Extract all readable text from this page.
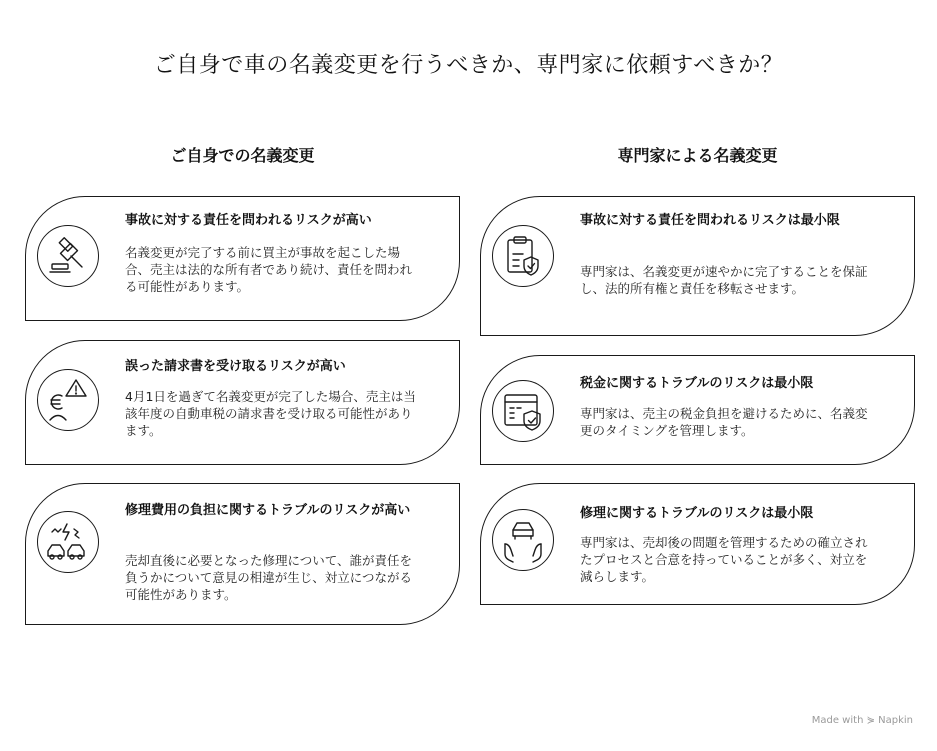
ご自身で車の名義変更を行うべきか、専門家に依頼すべきか？
ご自身での名義変更	専門家による名義変更
事故に対する責任を問われるリスクが高い
名義変更が完了する前に買主が事故を起こした場合、売主は法的な所有者であり続け、責任を問われる可能性があります。
誤った請求書を受け取るリスクが高い
4月1日を過ぎて名義変更が完了した場合、売主は当該年度の自動車税の請求書を受け取る可能性があります。
修理費用の負担に関するトラブルのリスクが高い
売却直後に必要となった修理について、誰が責任を負うかについて意見の相違が生じ、対立につながる可能性があります。
事故に対する責任を問われるリスクは最小限
専門家は、名義変更が速やかに完了することを保証し、法的所有権と責任を移転させます。
税金に関するトラブルのリスクは最小限
専門家は、売主の税金負担を避けるために、名義変更のタイミングを管理します。
修理に関するトラブルのリスクは最小限
専門家は、売却後の問題を管理するための確立されたプロセスと合意を持っていることが多く、対立を減らします。
Made with ⋟ Napkin
